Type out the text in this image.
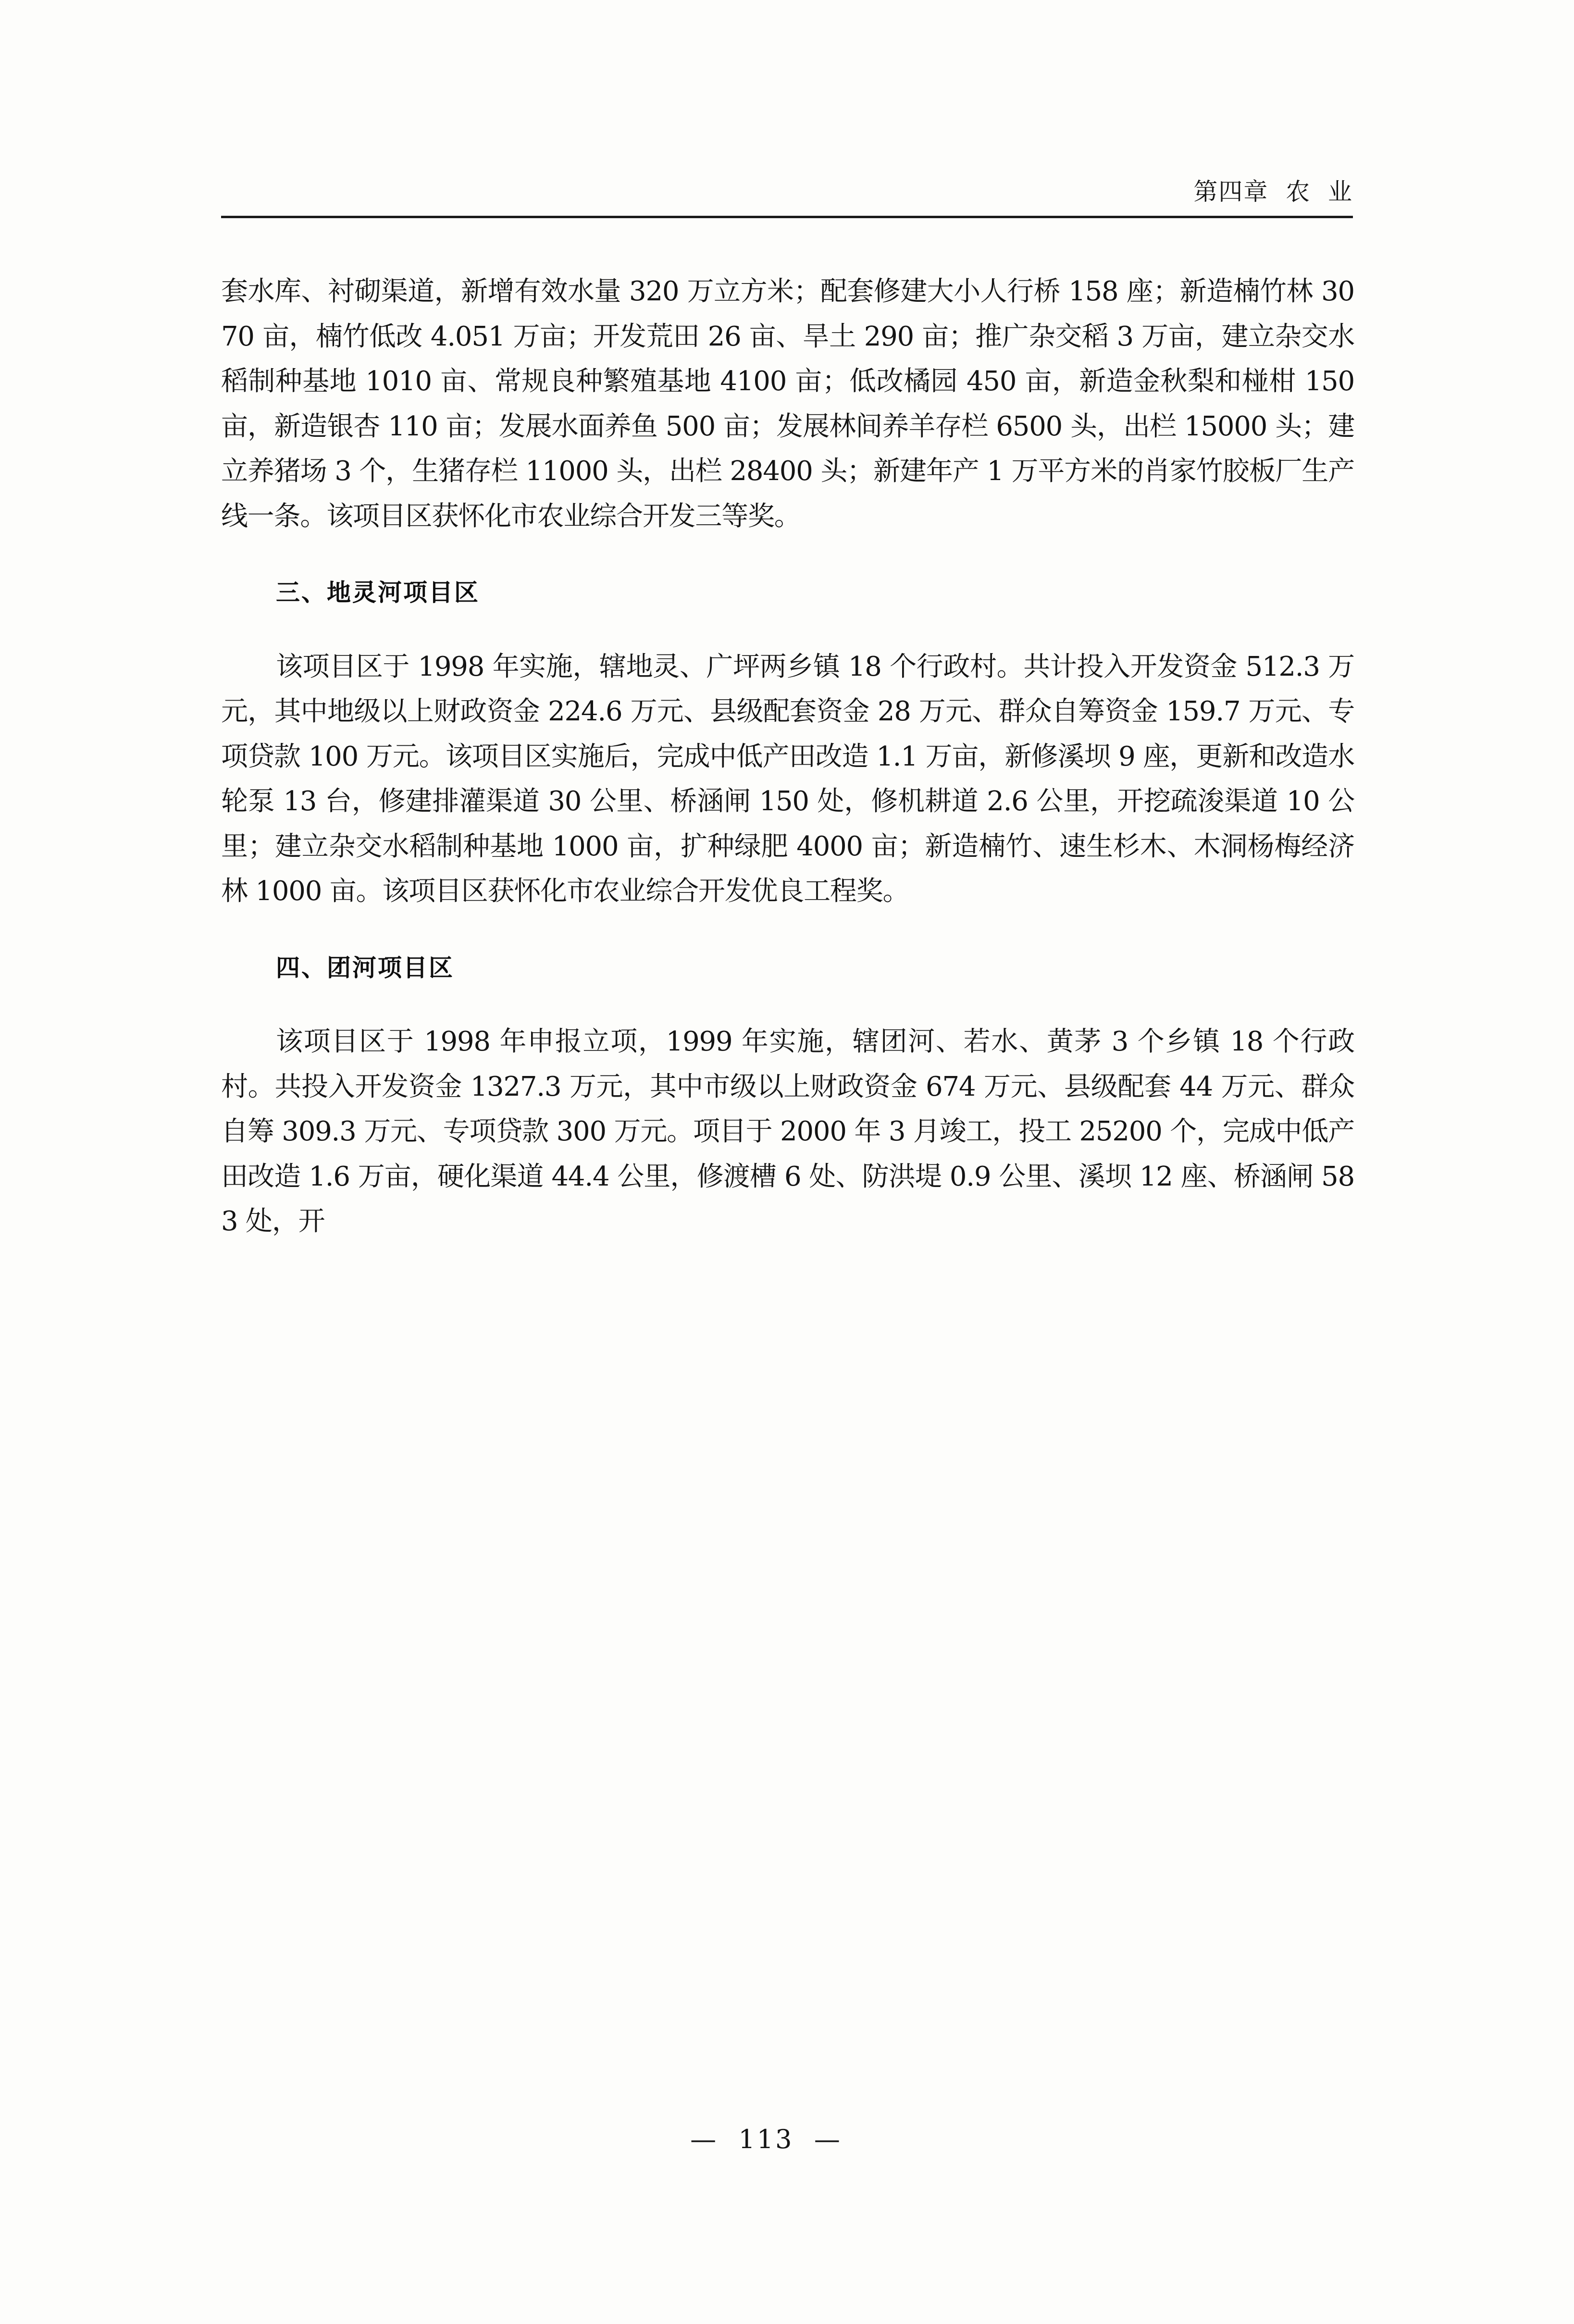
第四章  农  业

套水库、衬砌渠道，新增有效水量 320 万立方米；配套修建大小人行桥 158 座；新造楠竹林 3070 亩，楠竹低改 4.051 万亩；开发荒田 26 亩、旱土 290 亩；推广杂交稻 3 万亩，建立杂交水稻制种基地 1010 亩、常规良种繁殖基地 4100 亩；低改橘园 450 亩，新造金秋梨和椪柑 150 亩，新造银杏 110 亩；发展水面养鱼 500 亩；发展林间养羊存栏 6500 头，出栏 15000 头；建立养猪场 3 个，生猪存栏 11000 头，出栏 28400 头；新建年产 1 万平方米的肖家竹胶板厂生产线一条。该项目区获怀化市农业综合开发三等奖。

三、地灵河项目区

该项目区于 1998 年实施，辖地灵、广坪两乡镇 18 个行政村。共计投入开发资金 512.3 万元，其中地级以上财政资金 224.6 万元、县级配套资金 28 万元、群众自筹资金 159.7 万元、专项贷款 100 万元。该项目区实施后，完成中低产田改造 1.1 万亩，新修溪坝 9 座，更新和改造水轮泵 13 台，修建排灌渠道 30 公里、桥涵闸 150 处，修机耕道 2.6 公里，开挖疏浚渠道 10 公里；建立杂交水稻制种基地 1000 亩，扩种绿肥 4000 亩；新造楠竹、速生杉木、木洞杨梅经济林 1000 亩。该项目区获怀化市农业综合开发优良工程奖。

四、团河项目区

该项目区于 1998 年申报立项，1999 年实施，辖团河、若水、黄茅 3 个乡镇 18 个行政村。共投入开发资金 1327.3 万元，其中市级以上财政资金 674 万元、县级配套 44 万元、群众自筹 309.3 万元、专项贷款 300 万元。项目于 2000 年 3 月竣工，投工 25200 个，完成中低产田改造 1.6 万亩，硬化渠道 44.4 公里，修渡槽 6 处、防洪堤 0.9 公里、溪坝 12 座、桥涵闸 583 处，开

—  113  —
